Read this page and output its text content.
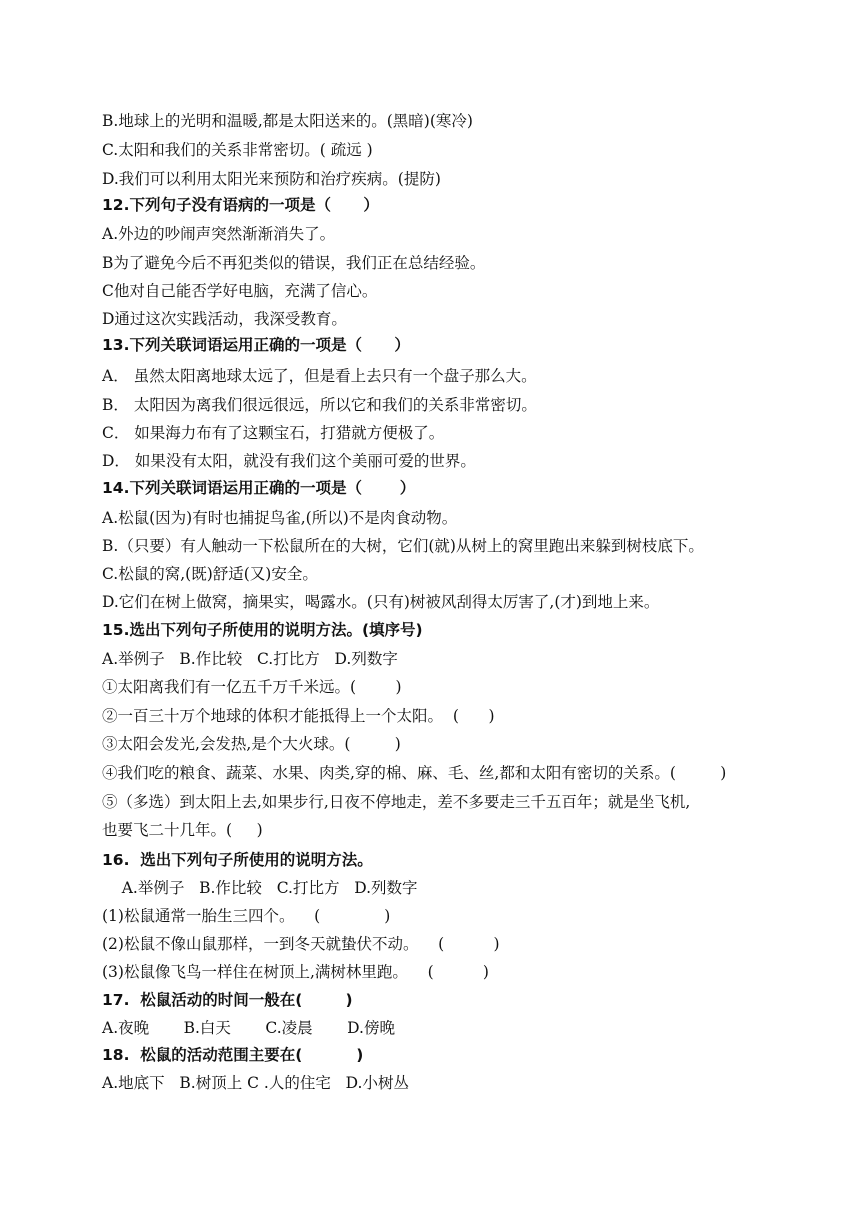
B.地球上的光明和温暖,都是太阳送来的。(黑暗)(寒冷)
C.太阳和我们的关系非常密切。( 疏远 )
D.我们可以利用太阳光来预防和治疗疾病。(提防)
12.下列句子没有语病的一项是（      ）
A.外边的吵闹声突然渐渐消失了。
B为了避免今后不再犯类似的错误，我们正在总结经验。
C他对自己能否学好电脑，充满了信心。
D通过这次实践活动，我深受教育。
13.下列关联词语运用正确的一项是（      ）
A． 虽然太阳离地球太远了，但是看上去只有一个盘子那么大。
B． 太阳因为离我们很远很远，所以它和我们的关系非常密切。
C． 如果海力布有了这颗宝石，打猎就方便极了。
D． 如果没有太阳，就没有我们这个美丽可爱的世界。
14.下列关联词语运用正确的一项是（       ）
A.松鼠(因为)有时也捕捉鸟雀,(所以)不是肉食动物。
B.（只要）有人触动一下松鼠所在的大树，它们(就)从树上的窝里跑出来躲到树枝底下。
C.松鼠的窝,(既)舒适(又)安全。
D.它们在树上做窝，摘果实，喝露水。(只有)树被风刮得太厉害了,(才)到地上来。
15.选出下列句子所使用的说明方法。(填序号)
A.举例子   B.作比较   C.打比方   D.列数字
①太阳离我们有一亿五千万千米远。(        )
②一百三十万个地球的体积才能抵得上一个太阳。  (      )
③太阳会发光,会发热,是个大火球。(         )
④我们吃的粮食、蔬菜、水果、肉类,穿的棉、麻、毛、丝,都和太阳有密切的关系。(         )
⑤（多选）到太阳上去,如果步行,日夜不停地走，差不多要走三千五百年；就是坐飞机,
也要飞二十几年。(     )
16.  选出下列句子所使用的说明方法。
A.举例子   B.作比较   C.打比方   D.列数字
(1)松鼠通常一胎生三四个。    (             )
(2)松鼠不像山鼠那样，一到冬天就蛰伏不动。    (          )
(3)松鼠像飞鸟一样住在树顶上,满树林里跑。    (          )
17.  松鼠活动的时间一般在(        )
A.夜晚       B.白天       C.凌晨       D.傍晚
18.  松鼠的活动范围主要在(          )
A.地底下   B.树顶上 C .人的住宅   D.小树丛
